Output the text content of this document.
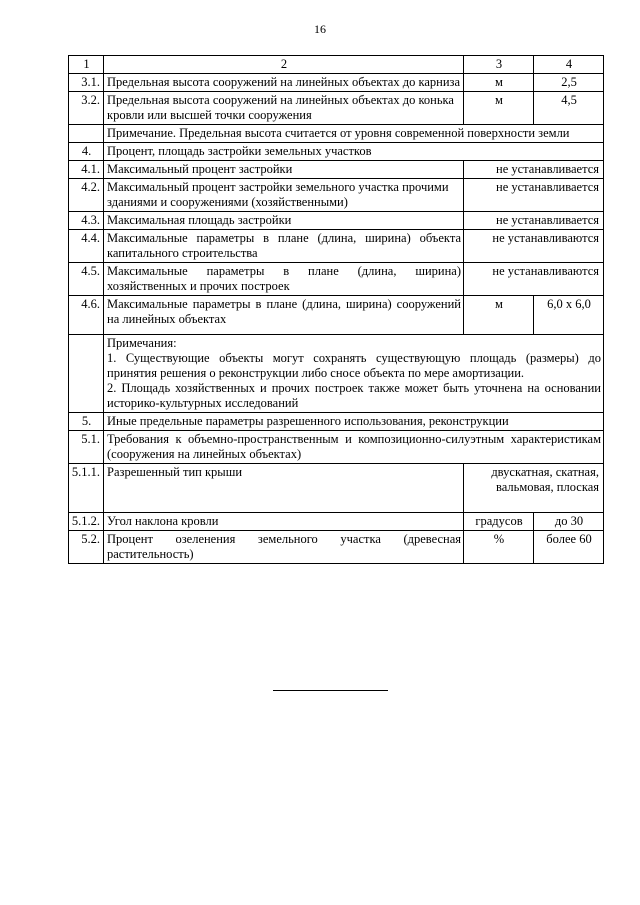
16
1	2	3	4
3.1.	Предельная высота сооружений на линейных объектах до карниза	м	2,5
3.2.	Предельная высота сооружений на линейных объектах до конька кровли или высшей точки сооружения	м	4,5
	Примечание. Предельная высота считается от уровня современной поверхности земли		
4.	Процент, площадь застройки земельных участков		
4.1.	Максимальный процент застройки	не устанавливается	
4.2.	Максимальный процент застройки земельного участка прочими зданиями и сооружениями (хозяйственными)	не устанавливается	
4.3.	Максимальная площадь застройки	не устанавливается	
4.4.	Максимальные параметры в плане (длина, ширина) объекта капитального строительства	не устанавливаются	
4.5.	Максимальные параметры в плане (длина, ширина) хозяйственных и прочих построек	не устанавливаются	
4.6.	Максимальные параметры в плане (длина, ширина) сооружений на линейных объектах	м	6,0 х 6,0

	Примечания:

1. Существующие объекты могут сохранять существующую площадь (размеры) до принятия решения о реконструкции либо сносе объекта по мере амортизации.

2. Площадь хозяйственных и прочих построек также может быть уточнена на основании историко-культурных исследований		

5.	Иные предельные параметры разрешенного использования, реконструкции		
5.1.	Требования к объемно-пространственным и композиционно-силуэтным характеристикам (сооружения на линейных объектах)		
5.1.1.	Разрешенный тип крыши	двускатная, скатная, вальмовая, плоская	
5.1.2.	Угол наклона кровли	градусов	до 30
5.2.	Процент озеленения земельного участка (древесная растительность)	%	более 60
